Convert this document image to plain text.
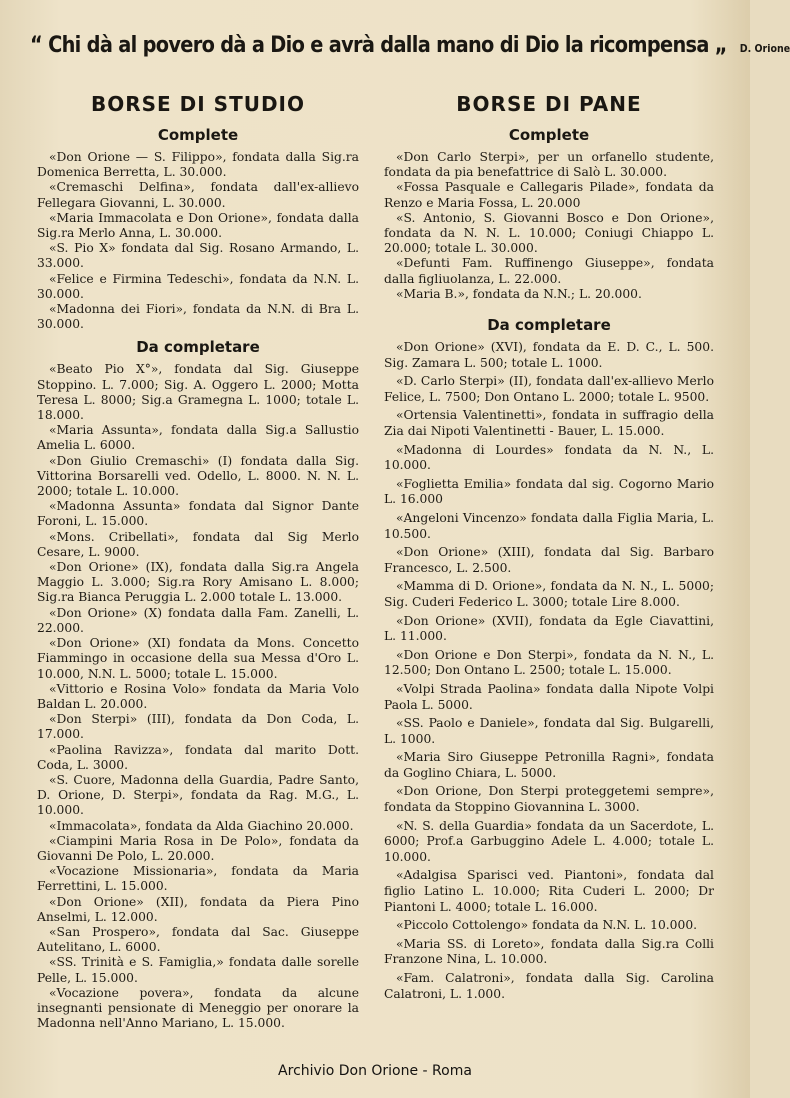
“ Chi dà al povero dà a Dio e avrà dalla mano di Dio la ricompensa „ D. Orione
BORSE DI STUDIO
Complete

«Don Orione — S. Filippo», fondata dalla Sig.ra Domenica Berretta, L. 30.000.

«Cremaschi Delfina», fondata dall'ex-allievo Fellegara Giovanni, L. 30.000.

«Maria Immacolata e Don Orione», fondata dalla Sig.ra Merlo Anna, L. 30.000.

«S. Pio X» fondata dal Sig. Rosano Armando, L. 33.000.

«Felice e Firmina Tedeschi», fondata da N.N. L. 30.000.

«Madonna dei Fiori», fondata da N.N. di Bra L. 30.000.

Da completare

«Beato Pio X°», fondata dal Sig. Giuseppe Stoppino. L. 7.000; Sig. A. Oggero L. 2000; Motta Teresa L. 8000; Sig.a Gramegna L. 1000; totale L. 18.000.

«Maria Assunta», fondata dalla Sig.a Sallustio Amelia L. 6000.

«Don Giulio Cremaschi» (I) fondata dalla Sig. Vittorina Borsarelli ved. Odello, L. 8000. N. N. L. 2000; totale L. 10.000.

«Madonna Assunta» fondata dal Signor Dante Foroni, L. 15.000.

«Mons. Cribellati», fondata dal Sig Merlo Cesare, L. 9000.

«Don Orione» (IX), fondata dalla Sig.ra Angela Maggio L. 3.000; Sig.ra Rory Amisano L. 8.000; Sig.ra Bianca Peruggia L. 2.000 totale L. 13.000.

«Don Orione» (X) fondata dalla Fam. Zanelli, L. 22.000.

«Don Orione» (XI) fondata da Mons. Concetto Fiammingo in occasione della sua Messa d'Oro L. 10.000, N.N. L. 5000; totale L. 15.000.

«Vittorio e Rosina Volo» fondata da Maria Volo Baldan L. 20.000.

«Don Sterpi» (III), fondata da Don Coda, L. 17.000.

«Paolina Ravizza», fondata dal marito Dott. Coda, L. 3000.

«S. Cuore, Madonna della Guardia, Padre Santo, D. Orione, D. Sterpi», fondata da Rag. M.G., L. 10.000.

«Immacolata», fondata da Alda Giachino 20.000.

«Ciampini Maria Rosa in De Polo», fondata da Giovanni De Polo, L. 20.000.

«Vocazione Missionaria», fondata da Maria Ferrettini, L. 15.000.

«Don Orione» (XII), fondata da Piera Pino Anselmi, L. 12.000.

«San Prospero», fondata dal Sac. Giuseppe Autelitano, L. 6000.

«SS. Trinità e S. Famiglia,» fondata dalle sorelle Pelle, L. 15.000.

«Vocazione povera», fondata da alcune insegnanti pensionate di Meneggio per onorare la Madonna nell'Anno Mariano, L. 15.000.

BORSE DI PANE
Complete

«Don Carlo Sterpi», per un orfanello studente, fondata da pia benefattrice di Salò L. 30.000.

«Fossa Pasquale e Callegaris Pilade», fondata da Renzo e Maria Fossa, L. 20.000

«S. Antonio, S. Giovanni Bosco e Don Orione», fondata da N. N. L. 10.000; Coniugi Chiappo L. 20.000; totale L. 30.000.

«Defunti Fam. Ruffinengo Giuseppe», fondata dalla figliuolanza, L. 22.000.

«Maria B.», fondata da N.N.; L. 20.000.

Da completare

«Don Orione» (XVI), fondata da E. D. C., L. 500. Sig. Zamara L. 500; totale L. 1000.

«D. Carlo Sterpi» (II), fondata dall'ex-allievo Merlo Felice, L. 7500; Don Ontano L. 2000; totale L. 9500.

«Ortensia Valentinetti», fondata in suffragio della Zia dai Nipoti Valentinetti - Bauer, L. 15.000.

«Madonna di Lourdes» fondata da N. N., L. 10.000.

«Foglietta Emilia» fondata dal sig. Cogorno Mario L. 16.000

«Angeloni Vincenzo» fondata dalla Figlia Maria, L. 10.500.

«Don Orione» (XIII), fondata dal Sig. Barbaro Francesco, L. 2.500.

«Mamma di D. Orione», fondata da N. N., L. 5000; Sig. Cuderi Federico L. 3000; totale Lire 8.000.

«Don Orione» (XVII), fondata da Egle Ciavattini, L. 11.000.

«Don Orione e Don Sterpi», fondata da N. N., L. 12.500; Don Ontano L. 2500; totale L. 15.000.

«Volpi Strada Paolina» fondata dalla Nipote Volpi Paola L. 5000.

«SS. Paolo e Daniele», fondata dal Sig. Bulgarelli, L. 1000.

«Maria Siro Giuseppe Petronilla Ragni», fondata da Goglino Chiara, L. 5000.

«Don Orione, Don Sterpi proteggetemi sempre», fondata da Stoppino Giovannina L. 3000.

«N. S. della Guardia» fondata da un Sacerdote, L. 6000; Prof.a Garbuggino Adele L. 4.000; totale L. 10.000.

«Adalgisa Sparisci ved. Piantoni», fondata dal figlio Latino L. 10.000; Rita Cuderi L. 2000; Dr Piantoni L. 4000; totale L. 16.000.

«Piccolo Cottolengo» fondata da N.N. L. 10.000.

«Maria SS. di Loreto», fondata dalla Sig.ra Colli Franzone Nina, L. 10.000.

«Fam. Calatroni», fondata dalla Sig. Carolina Calatroni, L. 1.000.

Archivio Don Orione - Roma
